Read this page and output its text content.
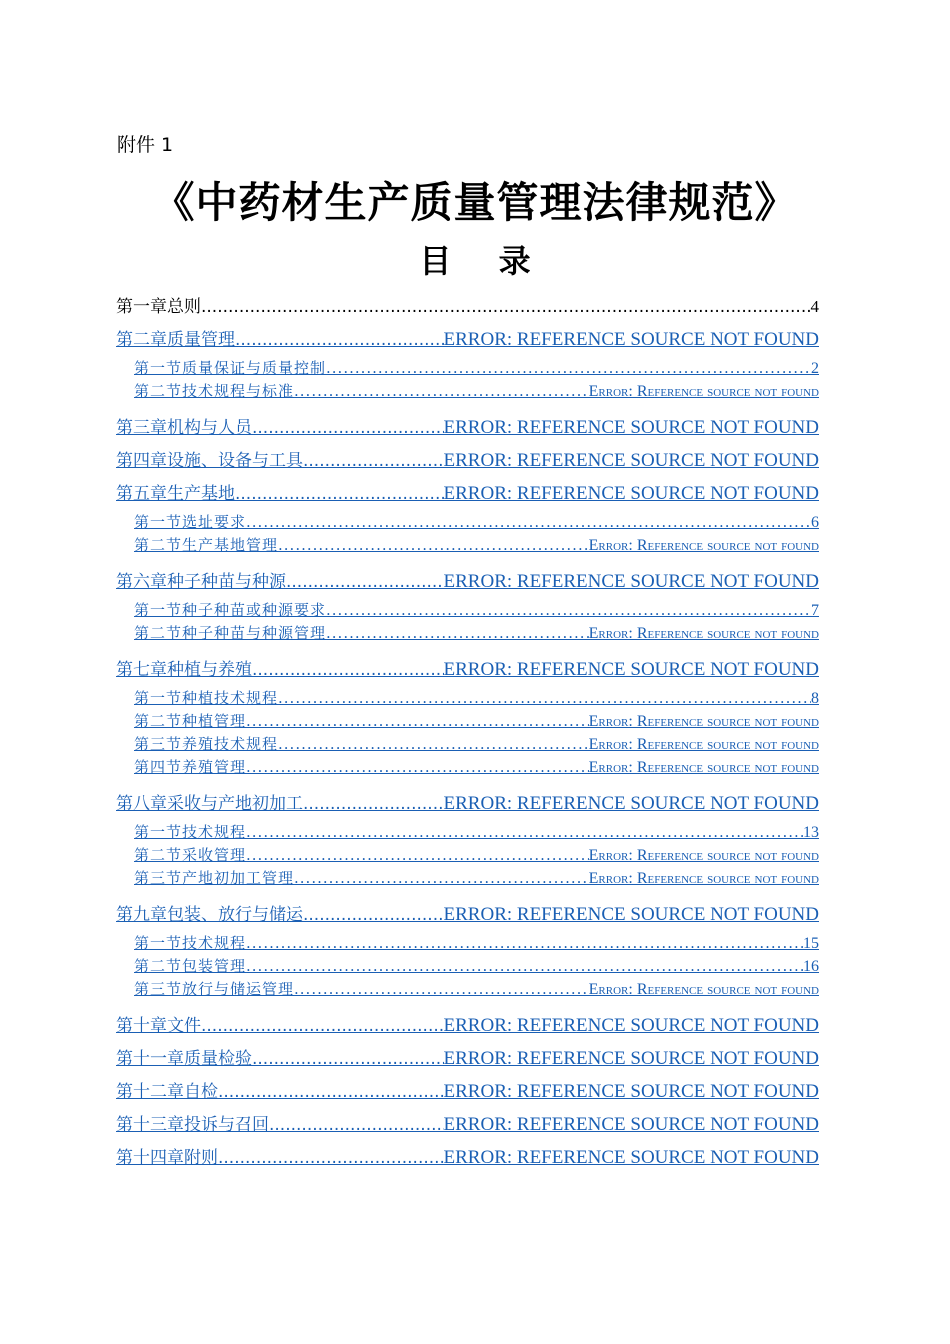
附件 1
《中药材生产质量管理法律规范》
目 录
第一章总则 .....	4
第二章质量管理 .....	ERROR: REFERENCE SOURCE NOT FOUND
第一节质量保证与质量控制 .....	2
第二节技术规程与标准 .....	Error: Reference source not found
第三章机构与人员 .....	ERROR: REFERENCE SOURCE NOT FOUND
第四章设施、设备与工具 .....	ERROR: REFERENCE SOURCE NOT FOUND
第五章生产基地 .....	ERROR: REFERENCE SOURCE NOT FOUND
第一节选址要求 .....	6
第二节生产基地管理 .....	Error: Reference source not found
第六章种子种苗与种源 .....	ERROR: REFERENCE SOURCE NOT FOUND
第一节种子种苗或种源要求 .....	7
第二节种子种苗与种源管理 .....	Error: Reference source not found
第七章种植与养殖 .....	ERROR: REFERENCE SOURCE NOT FOUND
第一节种植技术规程 .....	8
第二节种植管理 .....	Error: Reference source not found
第三节养殖技术规程 .....	Error: Reference source not found
第四节养殖管理 .....	Error: Reference source not found
第八章采收与产地初加工 .....	ERROR: REFERENCE SOURCE NOT FOUND
第一节技术规程 .....	13
第二节采收管理 .....	Error: Reference source not found
第三节产地初加工管理 .....	Error: Reference source not found
第九章包装、放行与储运 .....	ERROR: REFERENCE SOURCE NOT FOUND
第一节技术规程 .....	15
第二节包装管理 .....	16
第三节放行与储运管理 .....	Error: Reference source not found
第十章文件 .....	ERROR: REFERENCE SOURCE NOT FOUND
第十一章质量检验 .....	ERROR: REFERENCE SOURCE NOT FOUND
第十二章自检 .....	ERROR: REFERENCE SOURCE NOT FOUND
第十三章投诉与召回 .....	ERROR: REFERENCE SOURCE NOT FOUND
第十四章附则 .....	ERROR: REFERENCE SOURCE NOT FOUND
